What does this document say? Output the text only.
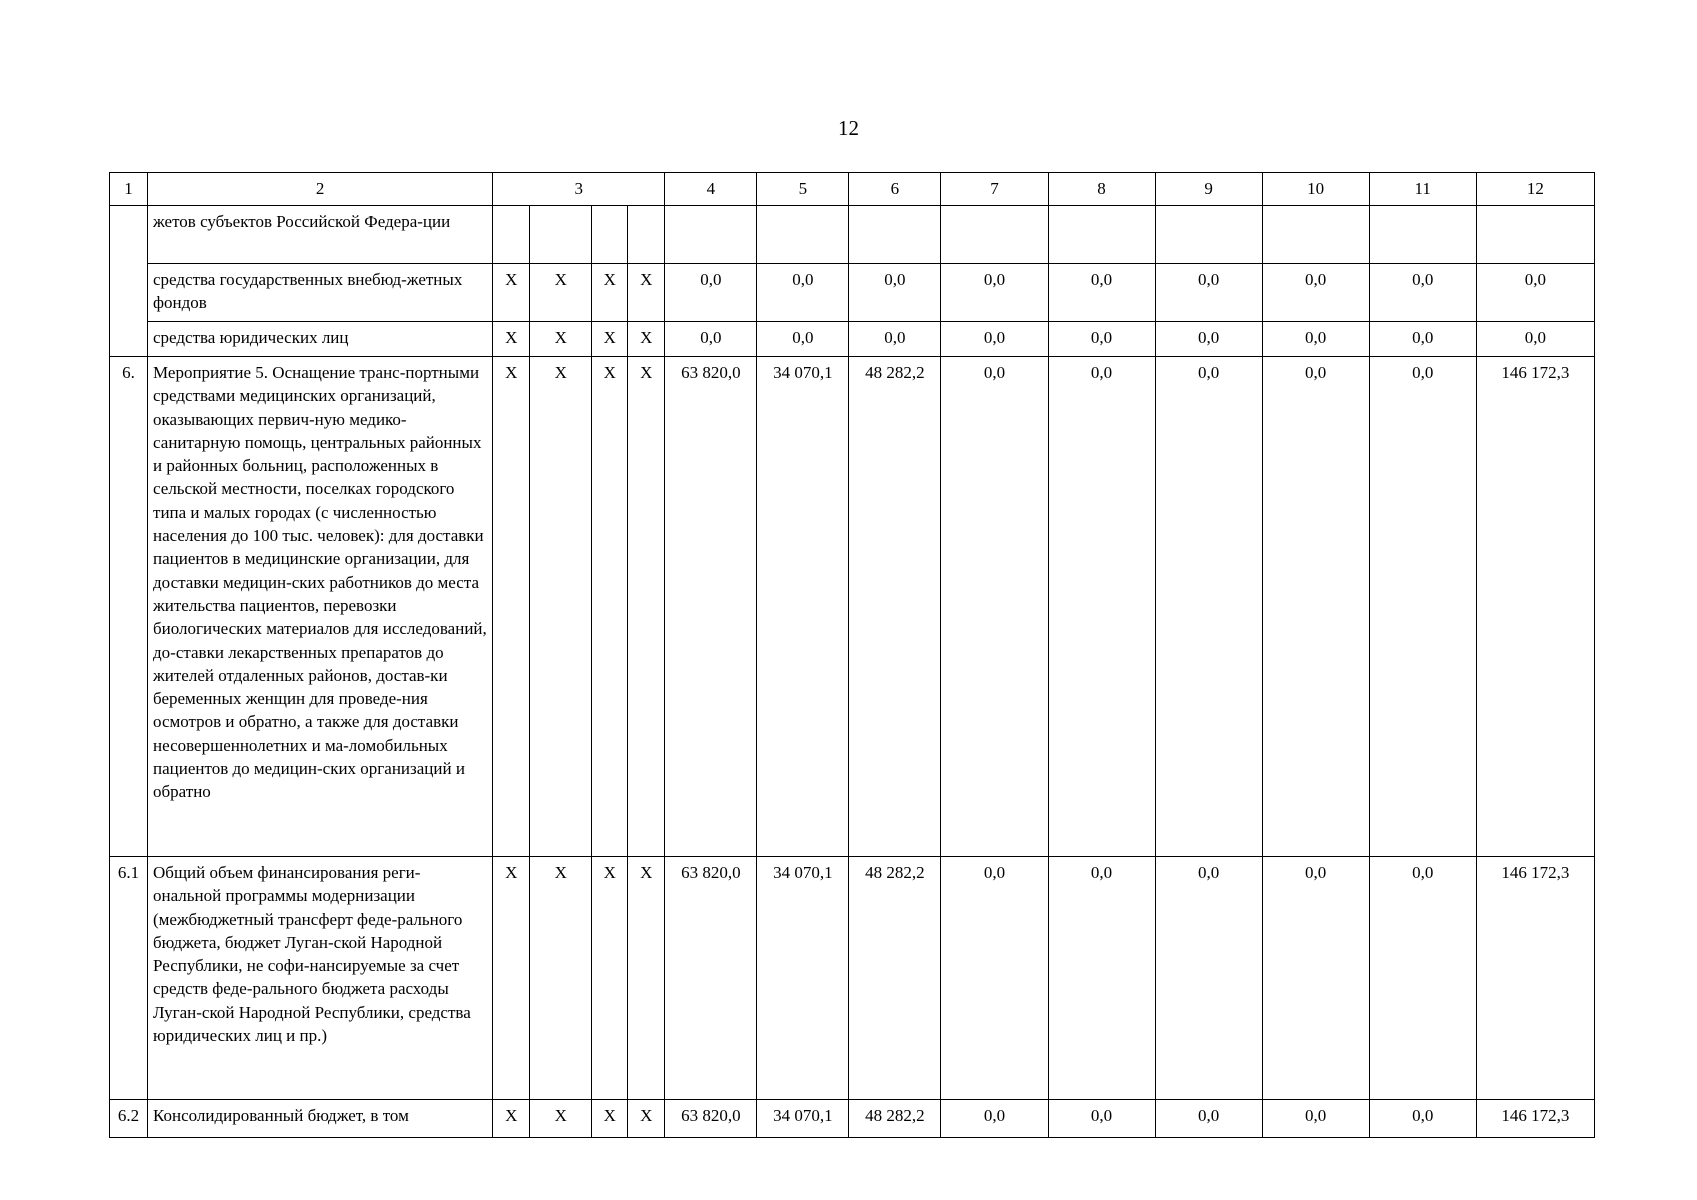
12
1	2	3				4	5	6	7	8	9	10	11	12
	жетов субъектов Российской Федера-ции													
	средства государственных внебюд-жетных фондов	X	X	X	X	0,0	0,0	0,0	0,0	0,0	0,0	0,0	0,0	0,0
	средства юридических лиц	X	X	X	X	0,0	0,0	0,0	0,0	0,0	0,0	0,0	0,0	0,0
6.	Мероприятие 5. Оснащение транс-портными средствами медицинских организаций, оказывающих первич-ную медико-санитарную помощь, центральных районных и районных больниц, расположенных в сельской местности, поселках городского типа и малых городах (с численностью населения до 100 тыс. человек): для доставки пациентов в медицинские организации, для доставки медицин-ских работников до места жительства пациентов, перевозки биологических материалов для исследований, до-ставки лекарственных препаратов до жителей отдаленных районов, достав-ки беременных женщин для проведе-ния осмотров и обратно, а также для доставки несовершеннолетних и ма-ломобильных пациентов до медицин-ских организаций и обратно	X	X	X	X	63 820,0	34 070,1	48 282,2	0,0	0,0	0,0	0,0	0,0	146 172,3
6.1	Общий объем финансирования реги-ональной программы модернизации (межбюджетный трансферт феде-рального бюджета, бюджет Луган-ской Народной Республики, не софи-нансируемые за счет средств феде-рального бюджета расходы Луган-ской Народной Республики, средства юридических лиц и пр.)	X	X	X	X	63 820,0	34 070,1	48 282,2	0,0	0,0	0,0	0,0	0,0	146 172,3
6.2	Консолидированный бюджет, в том	X	X	X	X	63 820,0	34 070,1	48 282,2	0,0	0,0	0,0	0,0	0,0	146 172,3
